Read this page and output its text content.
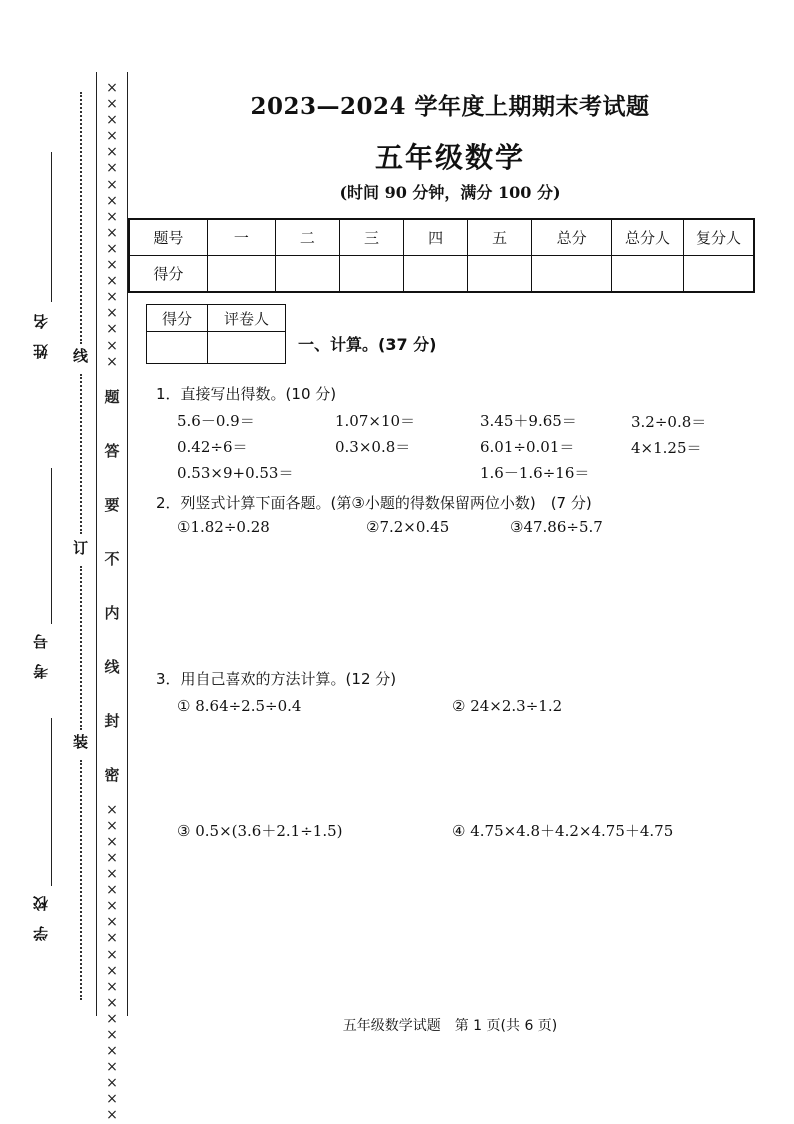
姓　名
考　号
学　校
线
订
装
×
×
×
×
×
×
×
×
×
×
×
×
×
×
×
×
×
×
题
答
要
不
内
线
封
密
×
×
×
×
×
×
×
×
×
×
×
×
×
×
×
×
×
×
×
×
2023—2024 学年度上期期末考试题
五年级数学
(时间 90 分钟，满分 100 分)
题号	一	二	三	四	五	总分	总分人	复分人
得分								
得分	评卷人

一、计算。(37 分)
1．直接写出得数。(10 分)
5.6－0.9＝	1.07×10＝	3.45＋9.65＝	3.2÷0.8＝
0.42÷6＝	0.3×0.8＝	6.01÷0.01＝	4×1.25＝
0.53×9+0.53＝	1.6－1.6÷16＝
2．列竖式计算下面各题。(第③小题的得数保留两位小数)　(7 分)
①1.82÷0.28	②7.2×0.45	③47.86÷5.7
3．用自己喜欢的方法计算。(12 分)
① 8.64÷2.5÷0.4	② 24×2.3÷1.2
③ 0.5×(3.6＋2.1÷1.5)	④ 4.75×4.8＋4.2×4.75＋4.75
五年级数学试题　第 1 页(共 6 页)
